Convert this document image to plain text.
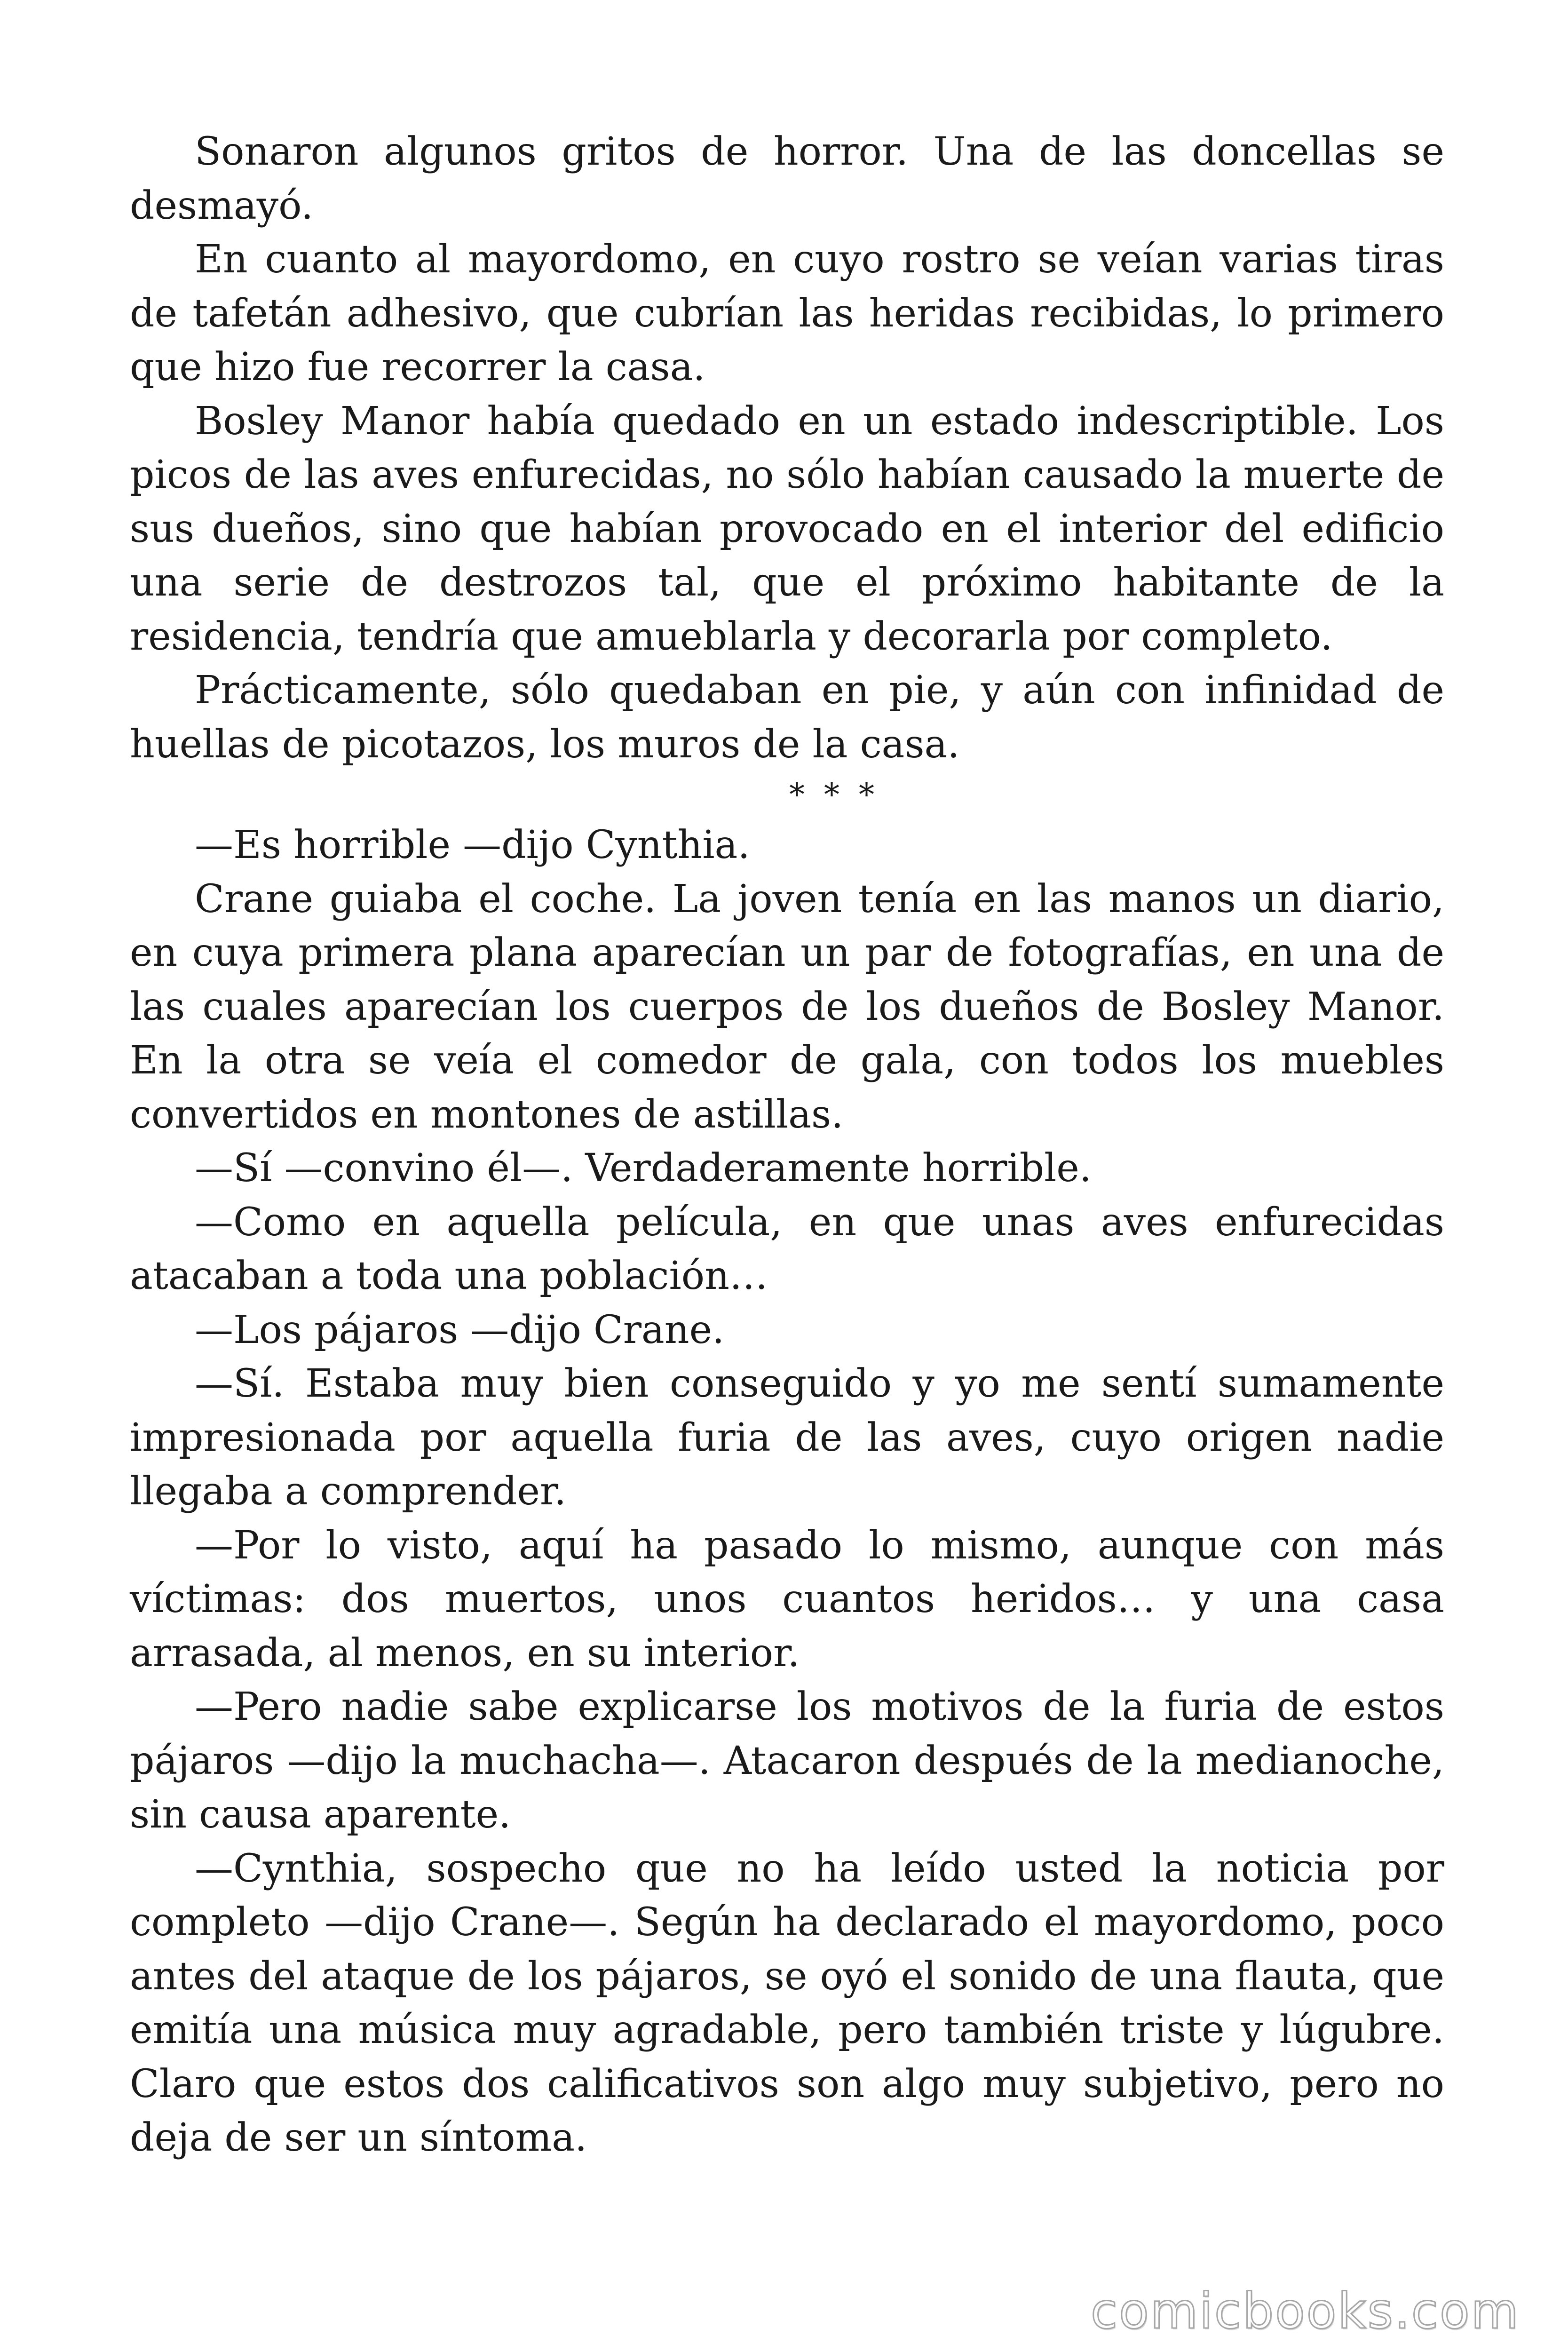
Sonaron algunos gritos de horror. Una de las doncellas se desmayó.

En cuanto al mayordomo, en cuyo rostro se veían varias tiras de tafetán adhesivo, que cubrían las heridas recibidas, lo primero que hizo fue recorrer la casa.

Bosley Manor había quedado en un estado indescriptible. Los picos de las aves enfurecidas, no sólo habían causado la muerte de sus dueños, sino que habían provocado en el interior del edificio una serie de destrozos tal, que el próximo habitante de la residencia, tendría que amueblarla y decorarla por completo.

Prácticamente, sólo quedaban en pie, y aún con infinidad de huellas de picotazos, los muros de la casa.

* * *

—Es horrible —dijo Cynthia.

Crane guiaba el coche. La joven tenía en las manos un diario, en cuya primera plana aparecían un par de fotografías, en una de las cuales aparecían los cuerpos de los dueños de Bosley Manor. En la otra se veía el comedor de gala, con todos los muebles convertidos en montones de astillas.

—Sí —convino él—. Verdaderamente horrible.

—Como en aquella película, en que unas aves enfurecidas atacaban a toda una población…

—Los pájaros —dijo Crane.

—Sí. Estaba muy bien conseguido y yo me sentí sumamente impresionada por aquella furia de las aves, cuyo origen nadie llegaba a comprender.

—Por lo visto, aquí ha pasado lo mismo, aunque con más víctimas: dos muertos, unos cuantos heridos… y una casa arrasada, al menos, en su interior.

—Pero nadie sabe explicarse los motivos de la furia de estos pájaros —dijo la muchacha—. Atacaron después de la medianoche, sin causa aparente.

—Cynthia, sospecho que no ha leído usted la noticia por completo —dijo Crane—. Según ha declarado el mayordomo, poco antes del ataque de los pájaros, se oyó el sonido de una flauta, que emitía una música muy agradable, pero también triste y lúgubre. Claro que estos dos calificativos son algo muy subjetivo, pero no deja de ser un síntoma.

comicbooks.com
